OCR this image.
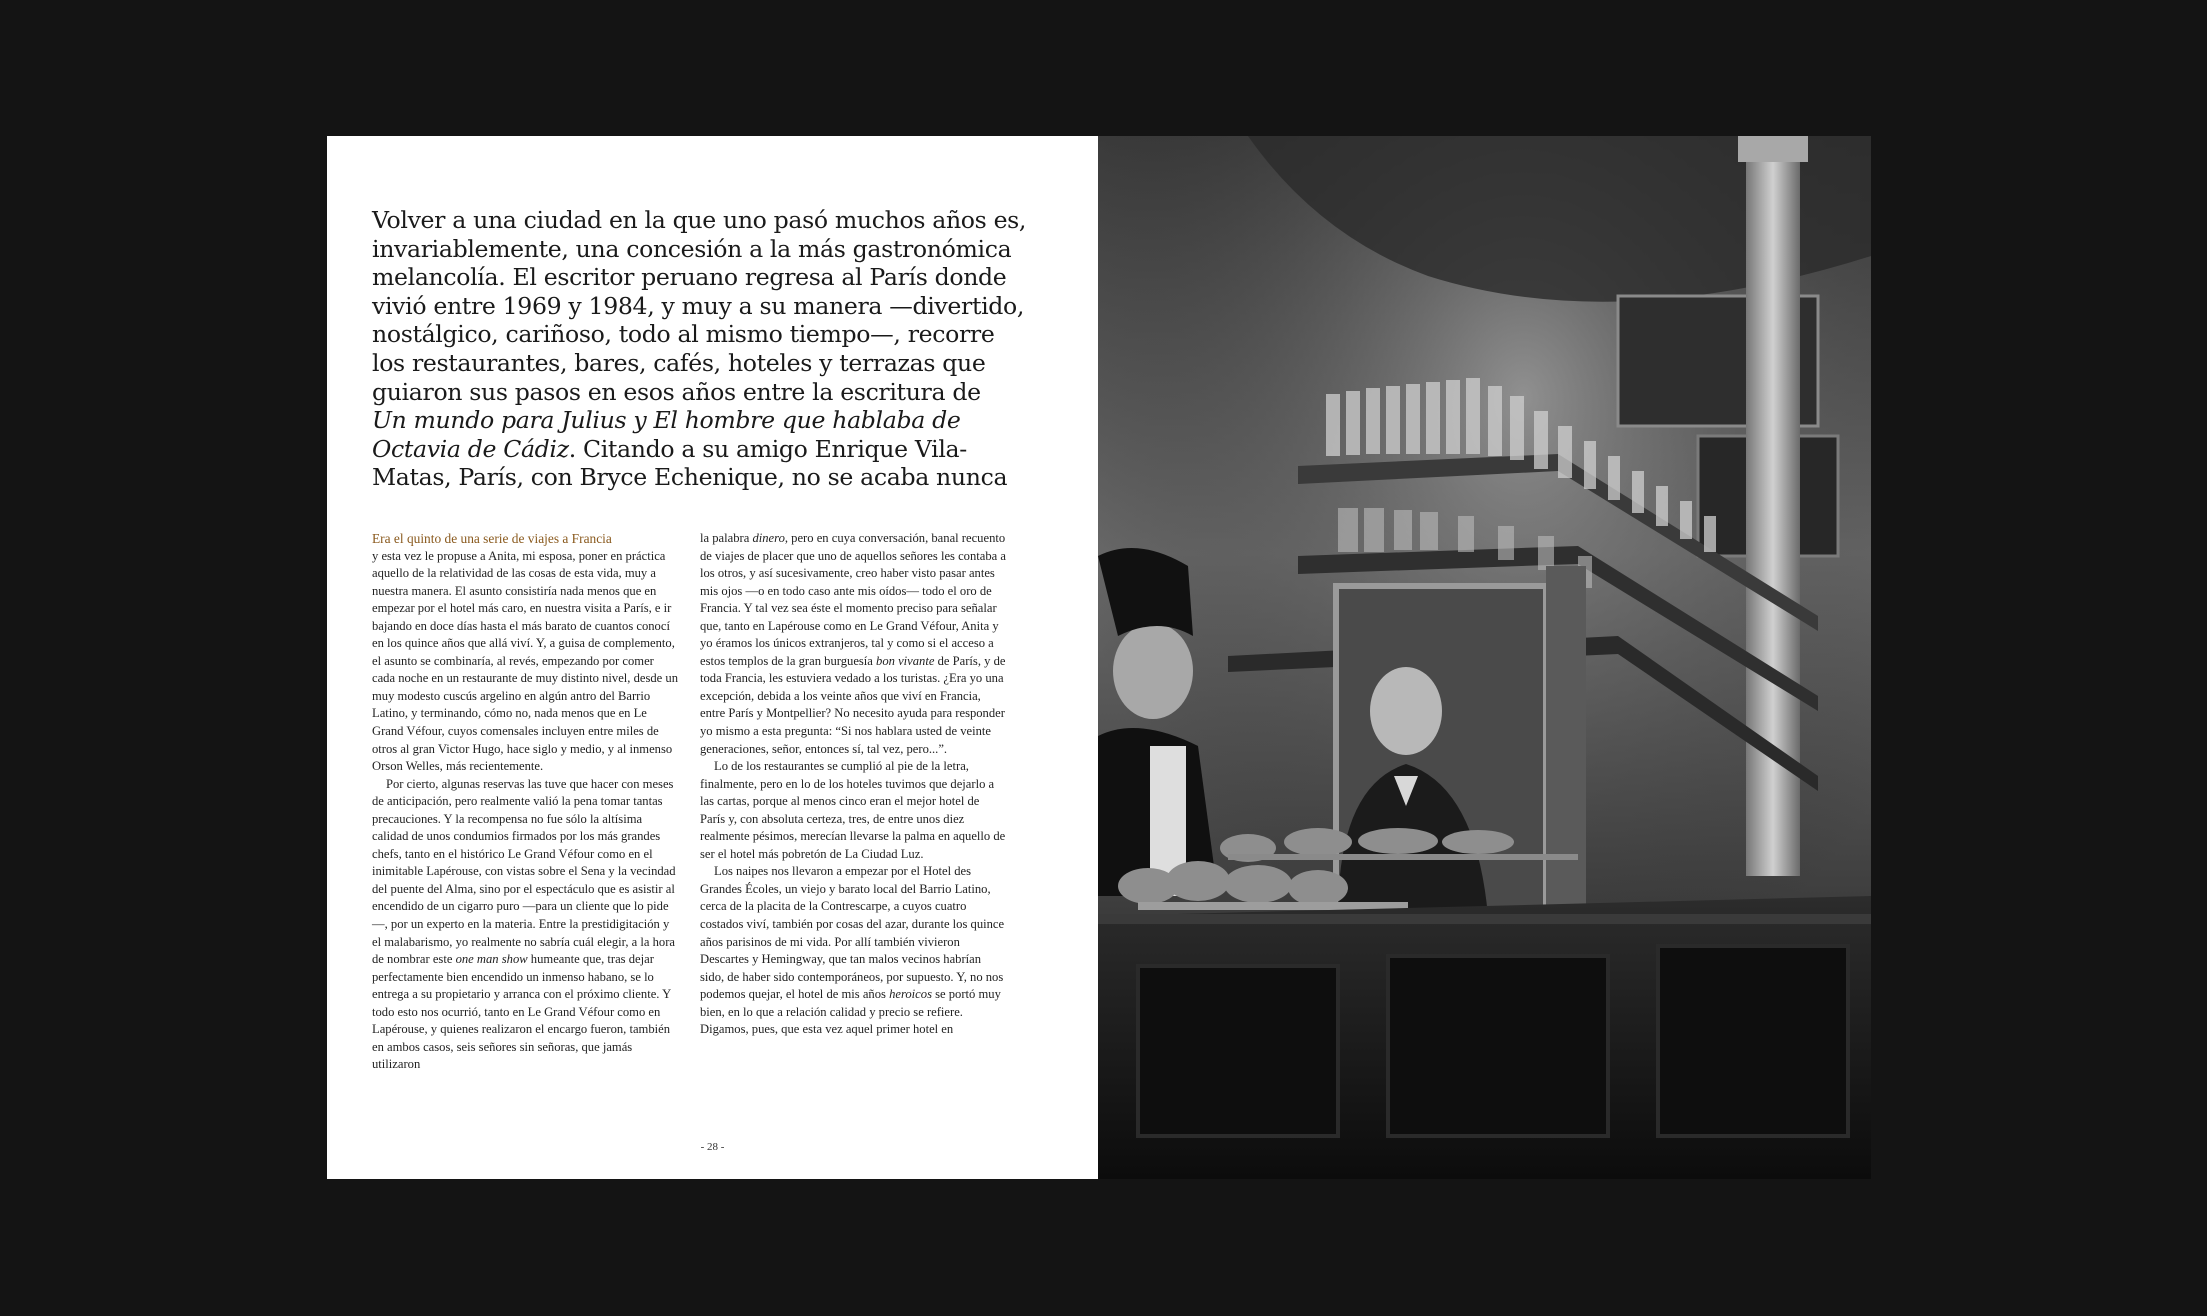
Volver a una ciudad en la que uno pasó muchos años es,

invariablemente, una concesión a la más gastronómica

melancolía. El escritor peruano regresa al París donde

vivió entre 1969 y 1984, y muy a su manera —divertido,

nostálgico, cariñoso, todo al mismo tiempo—, recorre

los restaurantes, bares, cafés, hoteles y terrazas que

guiaron sus pasos en esos años entre la escritura de

Un mundo para Julius y El hombre que hablaba de

Octavia de Cádiz. Citando a su amigo Enrique Vila-

Matas, París, con Bryce Echenique, no se acaba nunca

Era el quinto de una serie de viajes a Francia

y esta vez le propuse a Anita, mi esposa, poner en práctica aquello de la relatividad de las cosas de esta vida, muy a nuestra manera. El asunto consistiría nada menos que en empezar por el hotel más caro, en nuestra visita a París, e ir bajando en doce días hasta el más barato de cuantos conocí en los quince años que allá viví. Y, a guisa de complemento, el asunto se combinaría, al revés, empezando por comer cada noche en un restaurante de muy distinto nivel, desde un muy modesto cuscús argelino en algún antro del Barrio Latino, y terminando, cómo no, nada menos que en Le Grand Véfour, cuyos comensales incluyen entre miles de otros al gran Victor Hugo, hace siglo y medio, y al inmenso Orson Welles, más recientemente.

Por cierto, algunas reservas las tuve que hacer con meses de anticipación, pero realmente valió la pena tomar tantas precauciones. Y la recompensa no fue sólo la altísima calidad de unos condumios firmados por los más grandes chefs, tanto en el histórico Le Grand Véfour como en el inimitable Lapérouse, con vistas sobre el Sena y la vecindad del puente del Alma, sino por el espectáculo que es asistir al encendido de un cigarro puro —para un cliente que lo pide—, por un experto en la materia. Entre la prestidigitación y el malabarismo, yo realmente no sabría cuál elegir, a la hora de nombrar este one man show humeante que, tras dejar perfectamente bien encendido un inmenso habano, se lo entrega a su propietario y arranca con el próximo cliente. Y todo esto nos ocurrió, tanto en Le Grand Véfour como en Lapérouse, y quienes realizaron el encargo fueron, también en ambos casos, seis señores sin señoras, que jamás utilizaron

la palabra dinero, pero en cuya conversación, banal recuento de viajes de placer que uno de aquellos señores les contaba a los otros, y así sucesivamente, creo haber visto pasar antes mis ojos —o en todo caso ante mis oídos— todo el oro de Francia. Y tal vez sea éste el momento preciso para señalar que, tanto en Lapérouse como en Le Grand Véfour, Anita y yo éramos los únicos extranjeros, tal y como si el acceso a estos templos de la gran burguesía bon vivante de París, y de toda Francia, les estuviera vedado a los turistas. ¿Era yo una excepción, debida a los veinte años que viví en Francia, entre París y Montpellier? No necesito ayuda para responder yo mismo a esta pregunta: “Si nos hablara usted de veinte generaciones, señor, entonces sí, tal vez, pero...”.

Lo de los restaurantes se cumplió al pie de la letra, finalmente, pero en lo de los hoteles tuvimos que dejarlo a las cartas, porque al menos cinco eran el mejor hotel de París y, con absoluta certeza, tres, de entre unos diez realmente pésimos, merecían llevarse la palma en aquello de ser el hotel más pobretón de La Ciudad Luz.

Los naipes nos llevaron a empezar por el Hotel des Grandes Écoles, un viejo y barato local del Barrio Latino, cerca de la placita de la Contrescarpe, a cuyos cuatro costados viví, también por cosas del azar, durante los quince años parisinos de mi vida. Por allí también vivieron Descartes y Hemingway, que tan malos vecinos habrían sido, de haber sido contemporáneos, por supuesto. Y, no nos podemos quejar, el hotel de mis años heroicos se portó muy bien, en lo que a relación calidad y precio se refiere. Digamos, pues, que esta vez aquel primer hotel en

- 28 -
